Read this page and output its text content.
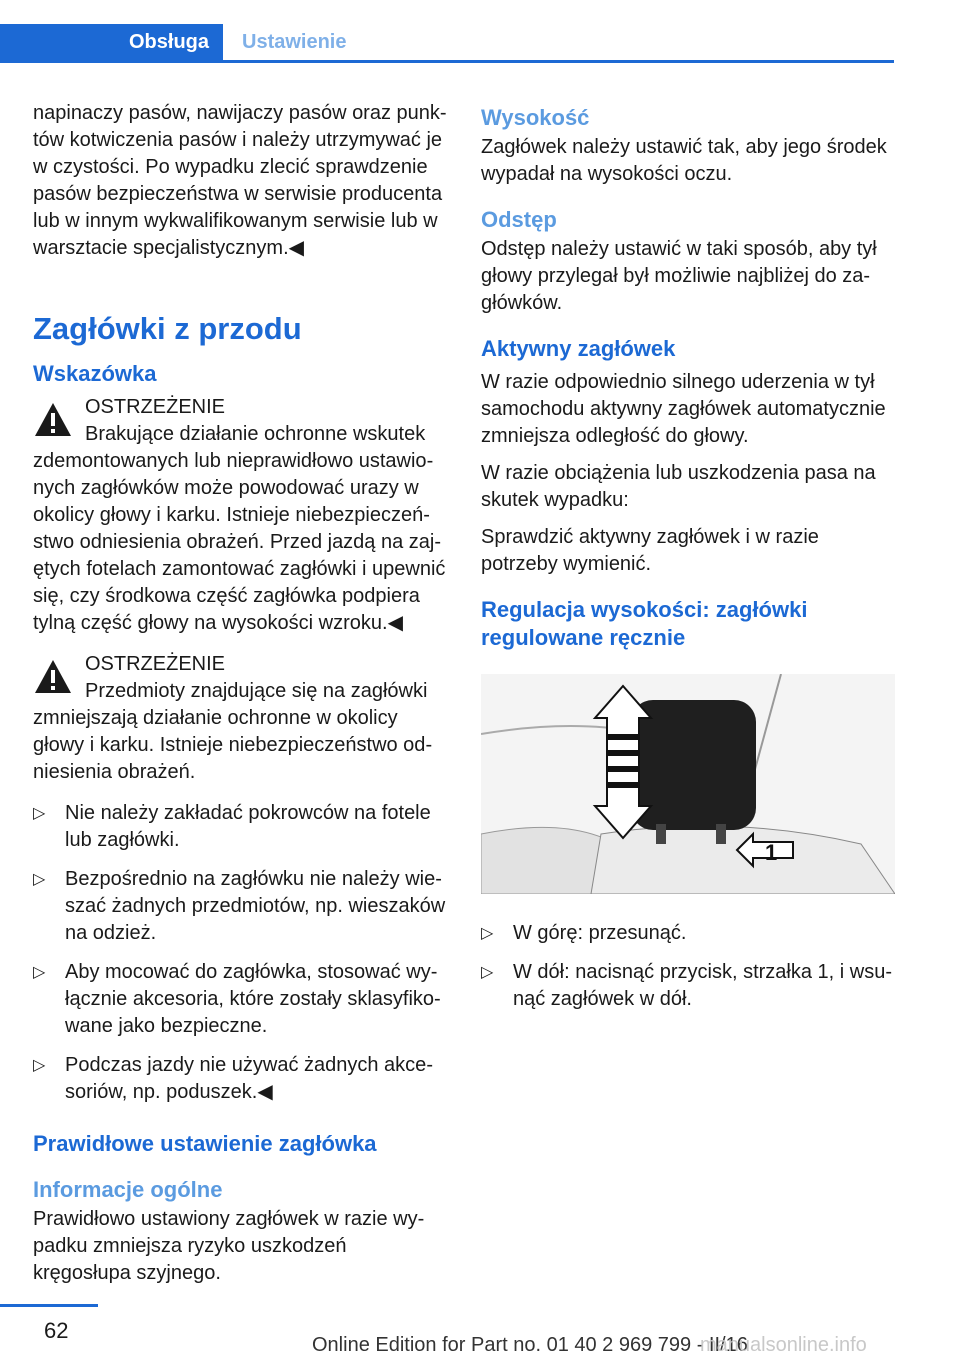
Obsługa	Ustawienie

napinaczy pasów, nawijaczy pasów oraz punktów kotwiczenia pasów i należy utrzymywać je w czystości. Po wypadku zlecić sprawdzenie pasów bezpieczeństwa w serwisie producenta lub w innym wykwalifikowanym serwisie lub w warsztacie specjalistycznym.◀

Zagłówki z przodu
Wskazówka
OSTRZEŻENIE
Brakujące działanie ochronne wskutek zdemontowanych lub nieprawidłowo ustawionych zagłówków może powodować urazy w okolicy głowy i karku. Istnieje niebezpieczeństwo odniesienia obrażeń. Przed jazdą na zajętych fotelach zamontować zagłówki i upewnić się, czy środkowa część zagłówka podpiera tylną część głowy na wysokości wzroku.◀
OSTRZEŻENIE
Przedmioty znajdujące się na zagłówki zmniejszają działanie ochronne w okolicy głowy i karku. Istnieje niebezpieczeństwo odniesienia obrażeń.
▷ Nie należy zakładać pokrowców na fotele lub zagłówki.
▷ Bezpośrednio na zagłówku nie należy wieszać żadnych przedmiotów, np. wieszaków na odzież.
▷ Aby mocować do zagłówka, stosować wyłącznie akcesoria, które zostały sklasyfikowane jako bezpieczne.
▷ Podczas jazdy nie używać żadnych akcesoriów, np. poduszek.◀
Prawidłowe ustawienie zagłówka
Informacje ogólne

Prawidłowo ustawiony zagłówek w razie wypadku zmniejsza ryzyko uszkodzeń kręgosłupa szyjnego.

Wysokość

Zagłówek należy ustawić tak, aby jego środek wypadał na wysokości oczu.

Odstęp

Odstęp należy ustawić w taki sposób, aby tył głowy przylegał był możliwie najbliżej do zagłówków.

Aktywny zagłówek

W razie odpowiednio silnego uderzenia w tył samochodu aktywny zagłówek automatycznie zmniejsza odległość do głowy.

W razie obciążenia lub uszkodzenia pasa na skutek wypadku:

Sprawdzić aktywny zagłówek i w razie potrzeby wymienić.

Regulacja wysokości: zagłówki regulowane ręcznie
1
▷ W górę: przesunąć.
▷ W dół: nacisnąć przycisk, strzałka 1, i wsunąć zagłówek w dół.
62
Online Edition for Part no. 01 40 2 969 799 - II/16
manualsonline.info
